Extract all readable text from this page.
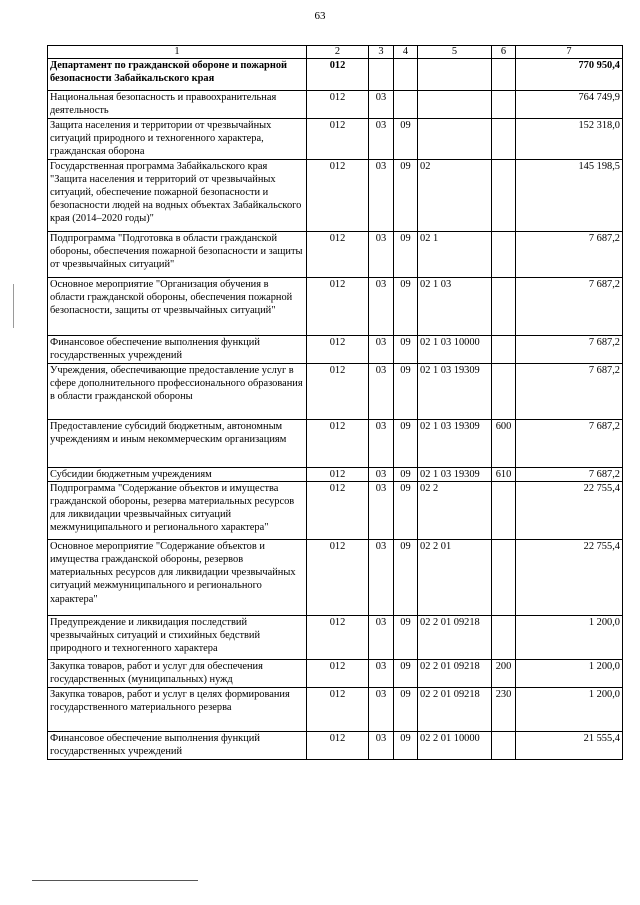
63
1	2	3	4	5	6	7
Департамент по гражданской обороне и пожарной безопасности Забайкальского края	012					770 950,4
Национальная безопасность и правоохранительная деятельность	012	03				764 749,9
Защита населения и территории от чрезвычайных ситуаций природного и техногенного характера, гражданская оборона	012	03	09			152 318,0
Государственная программа Забайкальского края "Защита населения и территорий от чрезвычайных ситуаций, обеспечение пожарной безопасности и безопасности людей на водных объектах Забайкальского края (2014–2020 годы)"	012	03	09	02		145 198,5
Подпрограмма "Подготовка в области гражданской обороны, обеспечения пожарной безопасности и защиты от чрезвычайных ситуаций"	012	03	09	02 1		7 687,2
Основное мероприятие "Организация обучения в области гражданской обороны, обеспечения пожарной безопасности, защиты от чрезвычайных ситуаций"	012	03	09	02 1 03		7 687,2
Финансовое обеспечение выполнения функций государственных учреждений	012	03	09	02 1 03 10000		7 687,2
Учреждения, обеспечивающие предоставление услуг в сфере дополнительного профессионального образования в области гражданской обороны	012	03	09	02 1 03 19309		7 687,2
Предоставление субсидий бюджетным, автономным учреждениям и иным некоммерческим организациям	012	03	09	02 1 03 19309	600	7 687,2
Субсидии бюджетным учреждениям	012	03	09	02 1 03 19309	610	7 687,2
Подпрограмма "Содержание объектов и имущества гражданской обороны, резерва материальных ресурсов для ликвидации чрезвычайных ситуаций межмуниципального и регионального характера"	012	03	09	02 2		22 755,4
Основное мероприятие "Содержание объектов и имущества гражданской обороны, резервов материальных ресурсов для ликвидации чрезвычайных ситуаций межмуниципального и регионального характера"	012	03	09	02 2 01		22 755,4
Предупреждение и ликвидация последствий чрезвычайных ситуаций и стихийных бедствий природного и техногенного характера	012	03	09	02 2 01 09218		1 200,0
Закупка товаров, работ и услуг для обеспечения государственных (муниципальных) нужд	012	03	09	02 2 01 09218	200	1 200,0
Закупка товаров, работ и услуг в целях формирования государственного материального резерва	012	03	09	02 2 01 09218	230	1 200,0
Финансовое обеспечение выполнения функций государственных учреждений	012	03	09	02 2 01 10000		21 555,4
